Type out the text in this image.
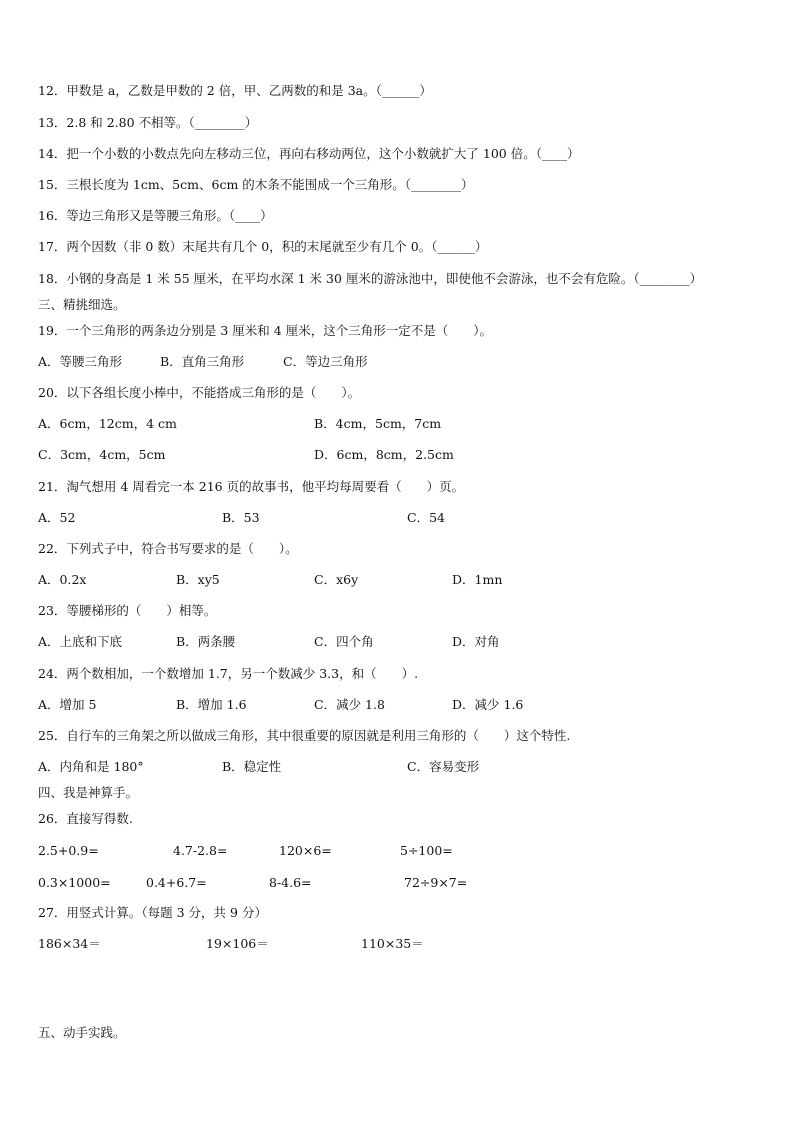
12．甲数是 a，乙数是甲数的 2 倍，甲、乙两数的和是 3a。（______）
13．2.8 和 2.80 不相等。（________）
14．把一个小数的小数点先向左移动三位，再向右移动两位，这个小数就扩大了 100 倍。（____）
15．三根长度为 1cm、5cm、6cm 的木条不能围成一个三角形。（________）
16．等边三角形又是等腰三角形。（____）
17．两个因数（非 0 数）末尾共有几个 0，积的末尾就至少有几个 0。（______）
18．小钢的身高是 1 米 55 厘米，在平均水深 1 米 30 厘米的游泳池中，即使他不会游泳，也不会有危险。（________）
三、精挑细选。
19．一个三角形的两条边分别是 3 厘米和 4 厘米，这个三角形一定不是（　　）。
A．等腰三角形	B．直角三角形	C．等边三角形
20．以下各组长度小棒中，不能搭成三角形的是（　　）。
A．6cm，12cm，4 cm	B．4cm，5cm，7cm
C．3cm，4cm，5cm	D．6cm，8cm，2.5cm
21．淘气想用 4 周看完一本 216 页的故事书，他平均每周要看（　　）页。
A．52	B．53	C．54
22．下列式子中，符合书写要求的是（　　）。
A．0.2x	B．xy5	C．x6y	D．1mn
23．等腰梯形的（　　）相等。
A．上底和下底	B．两条腰	C．四个角	D．对角
24．两个数相加，一个数增加 1.7，另一个数减少 3.3，和（　　）.
A．增加 5	B．增加 1.6	C．减少 1.8	D．减少 1.6
25．自行车的三角架之所以做成三角形，其中很重要的原因就是利用三角形的（　　）这个特性.
A．内角和是 180°	B．稳定性	C．容易变形
四、我是神算手。
26．直接写得数.
2.5+0.9=	4.7-2.8=	120×6=	5÷100=
0.3×1000=	0.4+6.7=	8-4.6=	72÷9×7=
27．用竖式计算。（每题 3 分，共 9 分）
186×34＝	19×106＝	110×35＝
五、动手实践。
